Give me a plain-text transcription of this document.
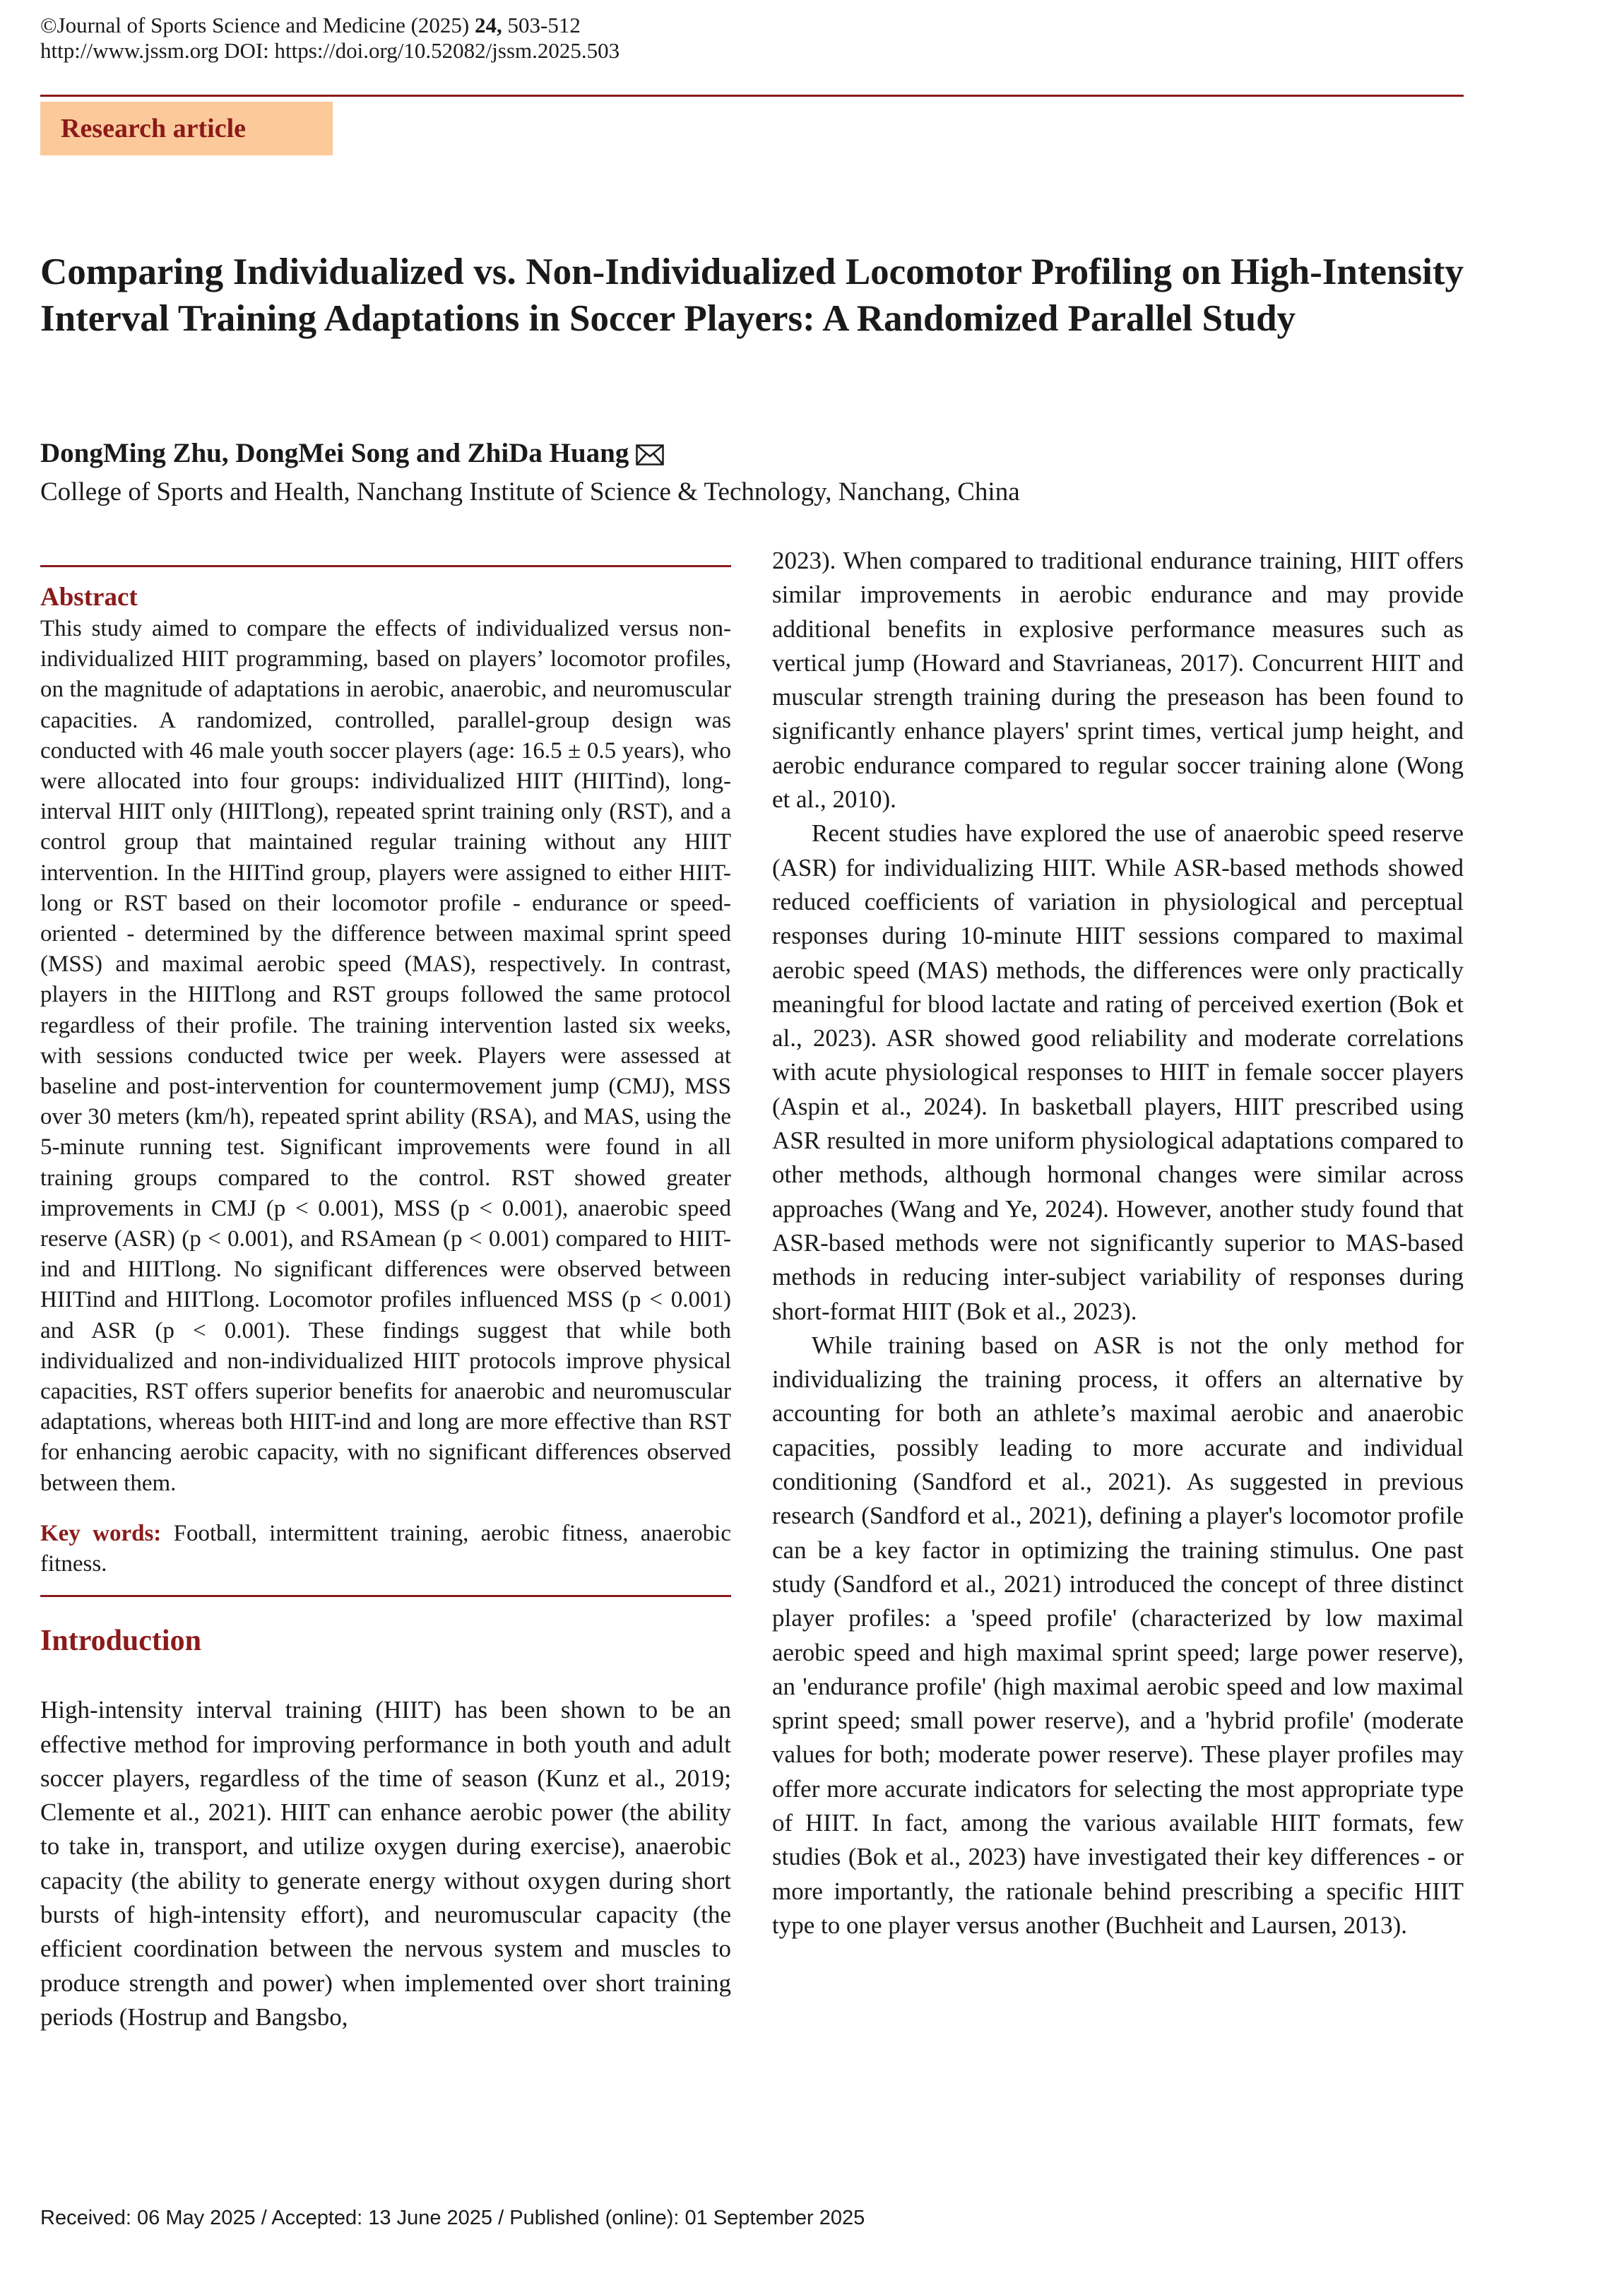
©Journal of Sports Science and Medicine (2025) 24, 503-512
http://www.jssm.org DOI: https://doi.org/10.52082/jssm.2025.503
Research article
Comparing Individualized vs. Non-Individualized Locomotor Profiling on High-Intensity Interval Training Adaptations in Soccer Players: A Randomized Parallel Study
DongMing Zhu, DongMei Song and ZhiDa Huang
College of Sports and Health, Nanchang Institute of Science & Technology, Nanchang, China
Abstract

This study aimed to compare the effects of individualized versus non-individualized HIIT programming, based on players’ locomotor profiles, on the magnitude of adaptations in aerobic, anaerobic, and neuromuscular capacities. A randomized, controlled, parallel-group design was conducted with 46 male youth soccer players (age: 16.5 ± 0.5 years), who were allocated into four groups: individualized HIIT (HIITind), long-interval HIIT only (HIITlong), repeated sprint training only (RST), and a control group that maintained regular training without any HIIT intervention. In the HIITind group, players were assigned to either HIIT-long or RST based on their locomotor profile - endurance or speed-oriented - determined by the difference between maximal sprint speed (MSS) and maximal aerobic speed (MAS), respectively. In contrast, players in the HIITlong and RST groups followed the same protocol regardless of their profile. The training intervention lasted six weeks, with sessions conducted twice per week. Players were assessed at baseline and post-intervention for countermovement jump (CMJ), MSS over 30 meters (km/h), repeated sprint ability (RSA), and MAS, using the 5-minute running test. Significant improvements were found in all training groups compared to the control. RST showed greater improvements in CMJ (p < 0.001), MSS (p < 0.001), anaerobic speed reserve (ASR) (p < 0.001), and RSAmean (p < 0.001) compared to HIIT-ind and HIITlong. No significant differences were observed between HIITind and HIITlong. Locomotor profiles influenced MSS (p < 0.001) and ASR (p < 0.001). These findings suggest that while both individualized and non-individualized HIIT protocols improve physical capacities, RST offers superior benefits for anaerobic and neuromuscular adaptations, whereas both HIIT-ind and long are more effective than RST for enhancing aerobic capacity, with no significant differences observed between them.

Key words: Football, intermittent training, aerobic fitness, anaerobic fitness.

Introduction

High-intensity interval training (HIIT) has been shown to be an effective method for improving performance in both youth and adult soccer players, regardless of the time of season (Kunz et al., 2019; Clemente et al., 2021). HIIT can enhance aerobic power (the ability to take in, transport, and utilize oxygen during exercise), anaerobic capacity (the ability to generate energy without oxygen during short bursts of high-intensity effort), and neuromuscular capacity (the efficient coordination between the nervous system and muscles to produce strength and power) when implemented over short training periods (Hostrup and Bangsbo,

2023). When compared to traditional endurance training, HIIT offers similar improvements in aerobic endurance and may provide additional benefits in explosive performance measures such as vertical jump (Howard and Stavrianeas, 2017). Concurrent HIIT and muscular strength training during the preseason has been found to significantly enhance players' sprint times, vertical jump height, and aerobic endurance compared to regular soccer training alone (Wong et al., 2010).

Recent studies have explored the use of anaerobic speed reserve (ASR) for individualizing HIIT. While ASR-based methods showed reduced coefficients of variation in physiological and perceptual responses during 10-minute HIIT sessions compared to maximal aerobic speed (MAS) methods, the differences were only practically meaningful for blood lactate and rating of perceived exertion (Bok et al., 2023). ASR showed good reliability and moderate correlations with acute physiological responses to HIIT in female soccer players (Aspin et al., 2024). In basketball players, HIIT prescribed using ASR resulted in more uniform physiological adaptations compared to other methods, although hormonal changes were similar across approaches (Wang and Ye, 2024). However, another study found that ASR-based methods were not significantly superior to MAS-based methods in reducing inter-subject variability of responses during short-format HIIT (Bok et al., 2023).

While training based on ASR is not the only method for individualizing the training process, it offers an alternative by accounting for both an athlete’s maximal aerobic and anaerobic capacities, possibly leading to more accurate and individual conditioning (Sandford et al., 2021). As suggested in previous research (Sandford et al., 2021), defining a player's locomotor profile can be a key factor in optimizing the training stimulus. One past study (Sandford et al., 2021) introduced the concept of three distinct player profiles: a 'speed profile' (characterized by low maximal aerobic speed and high maximal sprint speed; large power reserve), an 'endurance profile' (high maximal aerobic speed and low maximal sprint speed; small power reserve), and a 'hybrid profile' (moderate values for both; moderate power reserve). These player profiles may offer more accurate indicators for selecting the most appropriate type of HIIT. In fact, among the various available HIIT formats, few studies (Bok et al., 2023) have investigated their key differences - or more importantly, the rationale behind prescribing a specific HIIT type to one player versus another (Buchheit and Laursen, 2013).

Received: 06 May 2025 / Accepted: 13 June 2025 / Published (online): 01 September 2025
